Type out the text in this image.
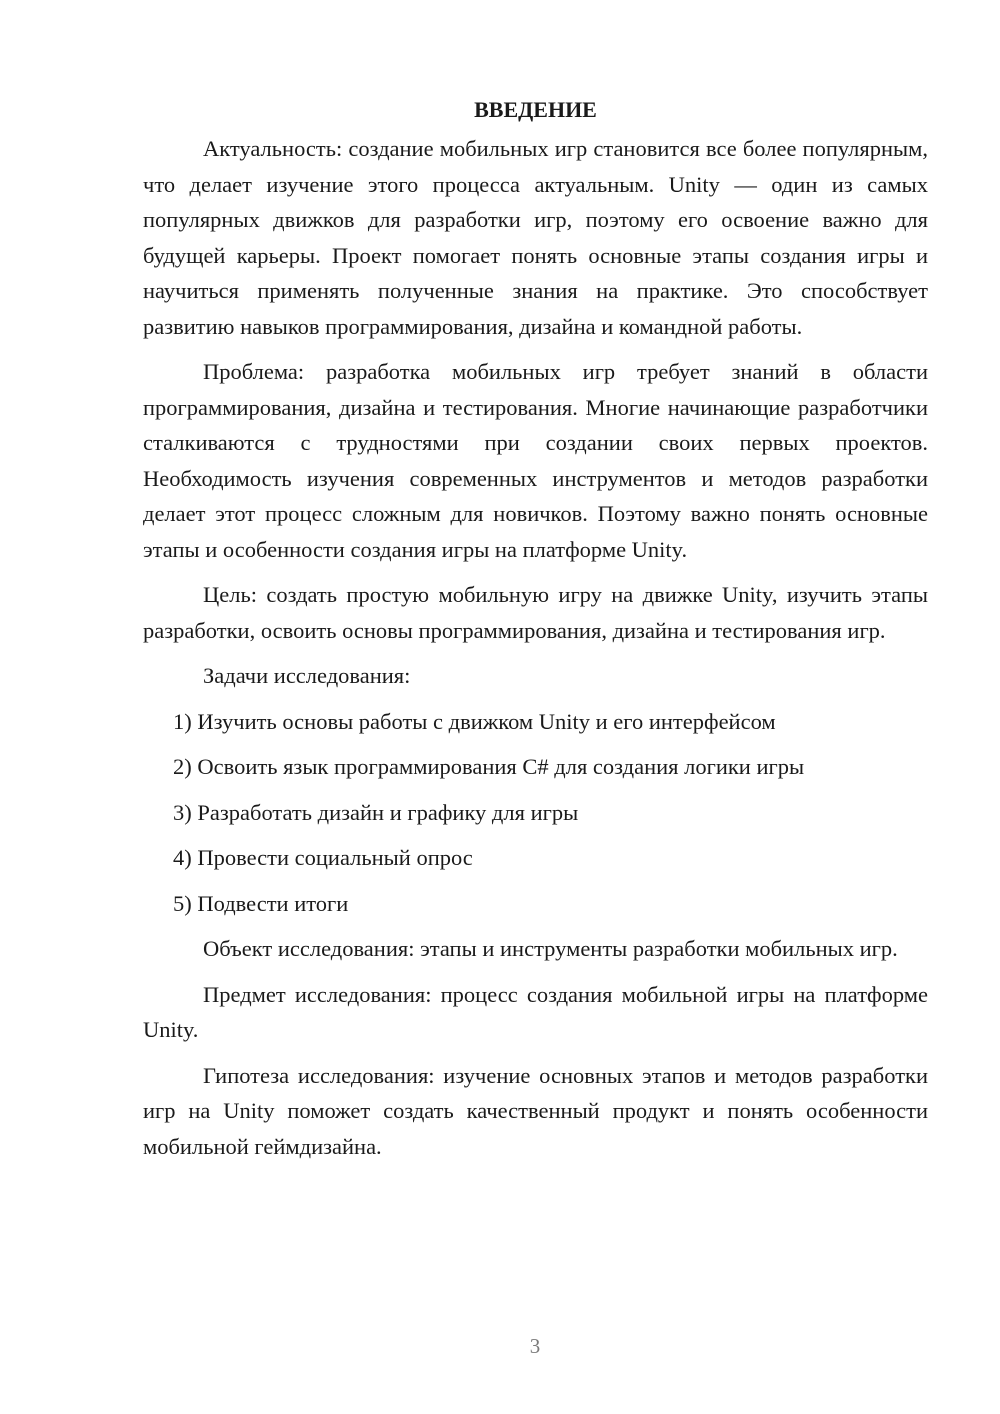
ВВЕДЕНИЕ

Актуальность: создание мобильных игр становится все более популярным, что делает изучение этого процесса актуальным. Unity — один из самых популярных движков для разработки игр, поэтому его освоение важно для будущей карьеры. Проект помогает понять основные этапы создания игры и научиться применять полученные знания на практике. Это способствует развитию навыков программирования, дизайна и командной работы.

Проблема: разработка мобильных игр требует знаний в области программирования, дизайна и тестирования. Многие начинающие разработчики сталкиваются с трудностями при создании своих первых проектов. Необходимость изучения современных инструментов и методов разработки делает этот процесс сложным для новичков. Поэтому важно понять основные этапы и особенности создания игры на платформе Unity.

Цель: создать простую мобильную игру на движке Unity, изучить этапы разработки, освоить основы программирования, дизайна и тестирования игр.

Задачи исследования:

1) Изучить основы работы с движком Unity и его интерфейсом
2) Освоить язык программирования C# для создания логики игры
3) Разработать дизайн и графику для игры
4) Провести социальный опрос
5) Подвести итоги

Объект исследования: этапы и инструменты разработки мобильных игр.

Предмет исследования: процесс создания мобильной игры на платформе Unity.

Гипотеза исследования: изучение основных этапов и методов разработки игр на Unity поможет создать качественный продукт и понять особенности мобильной геймдизайна.

3
